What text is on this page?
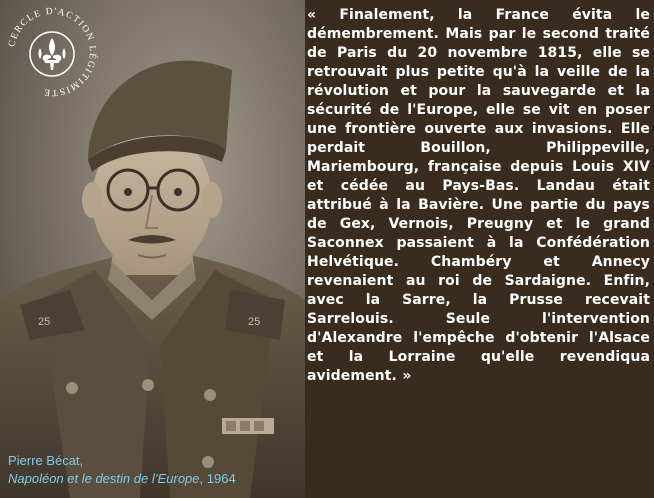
25	25
CERCLE D'ACTION LÉGITIMISTE
Pierre Bécat,
Napoléon et le destin de l’Europe, 1964

« Finalement, la France évita le démembrement. Mais par le second traité de Paris du 20 novembre 1815, elle se retrouvait plus petite qu'à la veille de la révolution et pour la sauvegarde et la sécurité de l'Europe, elle se vit en poser une frontière ouverte aux invasions. Elle perdait Bouillon, Philippeville, Mariembourg, française depuis Louis XIV et cédée au Pays-Bas. Landau était attribué à la Bavière. Une partie du pays de Gex, Vernois, Preugny et le grand Saconnex passaient à la Confédération Helvétique. Chambéry et Annecy revenaient au roi de Sardaigne. Enfin, avec la Sarre, la Prusse recevait Sarrelouis. Seule l'intervention d'Alexandre l'empêche d'obtenir l'Alsace et la Lorraine qu'elle revendiqua avidement. »
